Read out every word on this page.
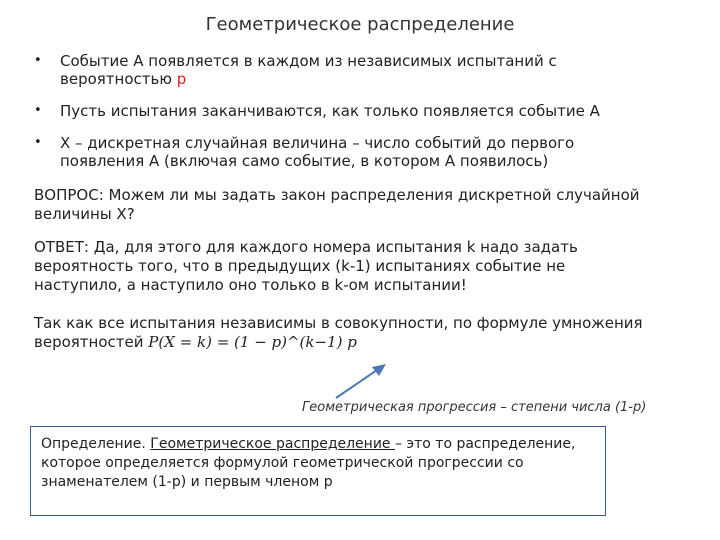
Геометрическое распределение
• Событие А появляется в каждом из независимых испытаний с вероятностью p
• Пусть испытания заканчиваются, как только появляется событие А
• Х – дискретная случайная величина – число событий до первого появления А (включая само событие, в котором А появилось)

ВОПРОС: Можем ли мы задать закон распределения дискретной случайной величины Х?

ОТВЕТ: Да, для этого для каждого номера испытания k надо задать вероятность того, что в предыдущих (k-1) испытаниях событие не наступило, а наступило оно только в k-ом испытании!

Так как все испытания независимы в совокупности, по формуле умножения вероятностей P(X = k) = (1 − p)^(k−1) p

Геометрическая прогрессия – степени числа (1-p)
Определение. Геометрическое распределение – это то распределение, которое определяется формулой геометрической прогрессии со знаменателем (1-p) и первым членом p
